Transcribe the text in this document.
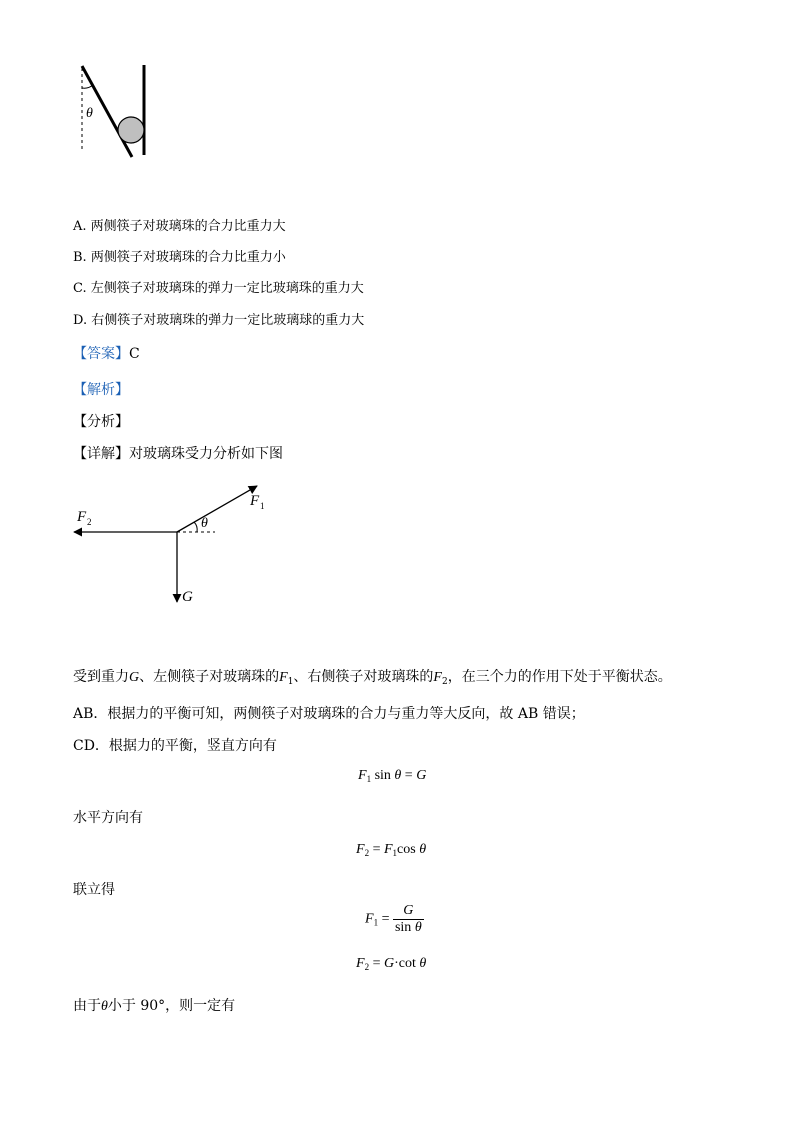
θ
A. 两侧筷子对玻璃珠的合力比重力大
B. 两侧筷子对玻璃珠的合力比重力小
C. 左侧筷子对玻璃珠的弹力一定比玻璃珠的重力大
D. 右侧筷子对玻璃珠的弹力一定比玻璃球的重力大
【答案】C
【解析】
【分析】
【详解】对玻璃珠受力分析如下图
θ
F 2
F 1
G
受到重力G、左侧筷子对玻璃珠的$F_1$、右侧筷子对玻璃珠的$F_2$，在三个力的作用下处于平衡状态。
AB．根据力的平衡可知，两侧筷子对玻璃珠的合力与重力等大反向，故 AB 错误；
CD．根据力的平衡，竖直方向有
$F_1$ sin θ = G
水平方向有
$F_2 = F_1\cos$ θ
联立得
$F_1 = \frac{G}{\text{sin θ}}$
$F_2 = G\cdot\cot$ θ
由于θ小于 90°，则一定有
